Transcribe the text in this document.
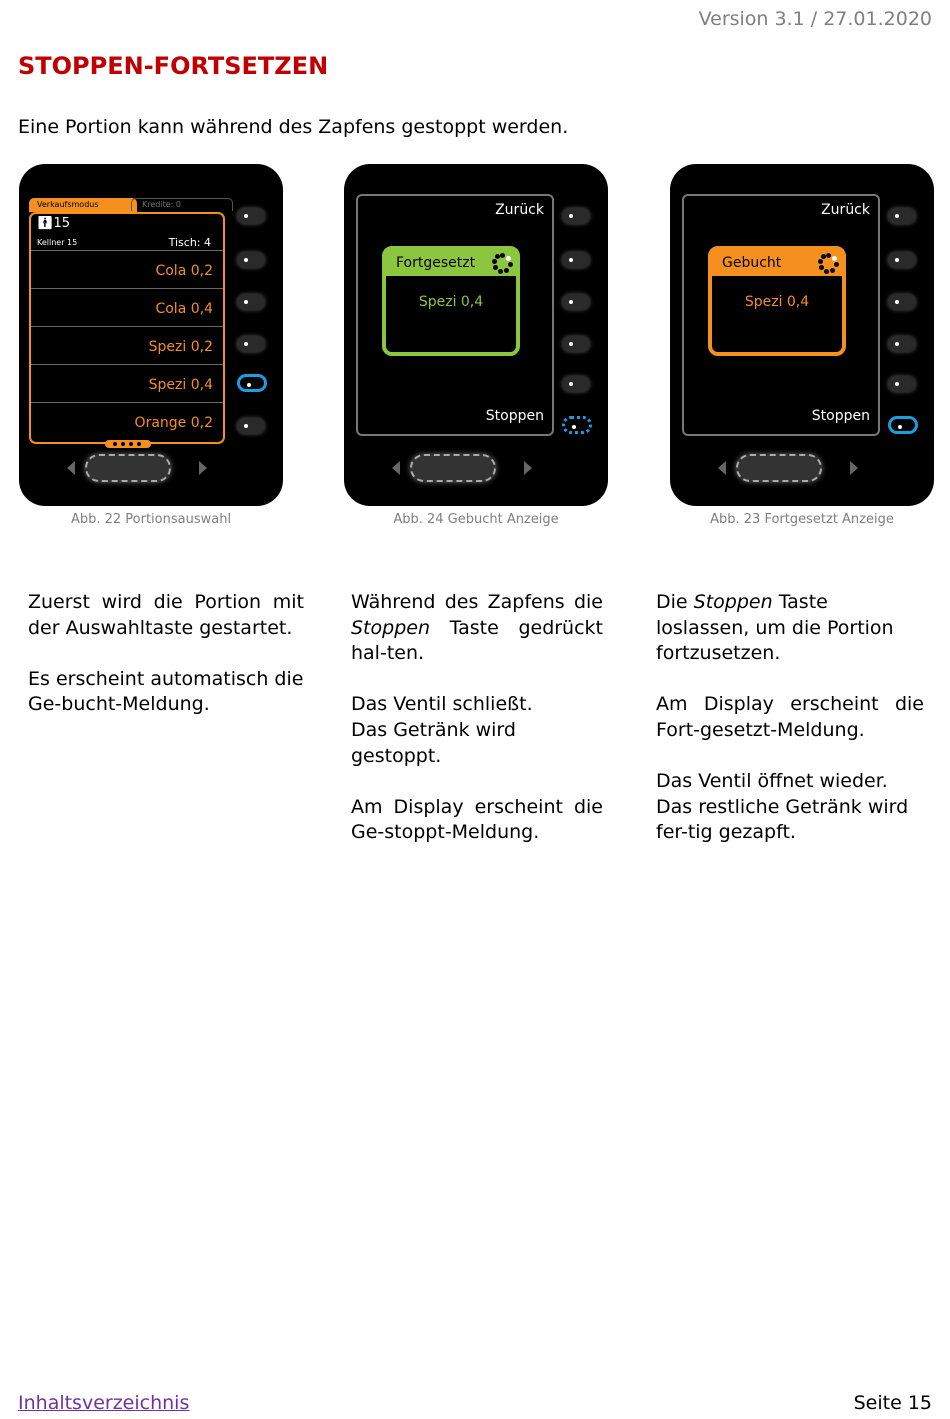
Version 3.1 / 27.01.2020
STOPPEN-FORTSETZEN
Eine Portion kann während des Zapfens gestoppt werden.
Verkaufsmodus	Kredite: 0
🚹︎15
Kellner 15	Tisch: 4
Cola 0,2
Cola 0,4
Spezi 0,2
Spezi 0,4
Orange 0,2
Zurück
Fortgesetzt
Spezi 0,4
Stoppen
Zurück
Gebucht
Spezi 0,4
Stoppen
Abb. 22 Portionsauswahl	Abb. 24 Gebucht Anzeige	Abb. 23 Fortgesetzt Anzeige

Zuerst wird die Portion mit der Auswahltaste gestartet.

Es erscheint automatisch die Ge-bucht-Meldung.

Während des Zapfens die Stoppen Taste gedrückt hal-ten.

Das Ventil schließt.
Das Getränk wird gestoppt.

Am Display erscheint die Ge-stoppt-Meldung.

Die Stoppen Taste loslassen, um die Portion fortzusetzen.

Am Display erscheint die Fort-gesetzt-Meldung.

Das Ventil öffnet wieder.
Das restliche Getränk wird fer-tig gezapft.

Inhaltsverzeichnis	Seite 15
